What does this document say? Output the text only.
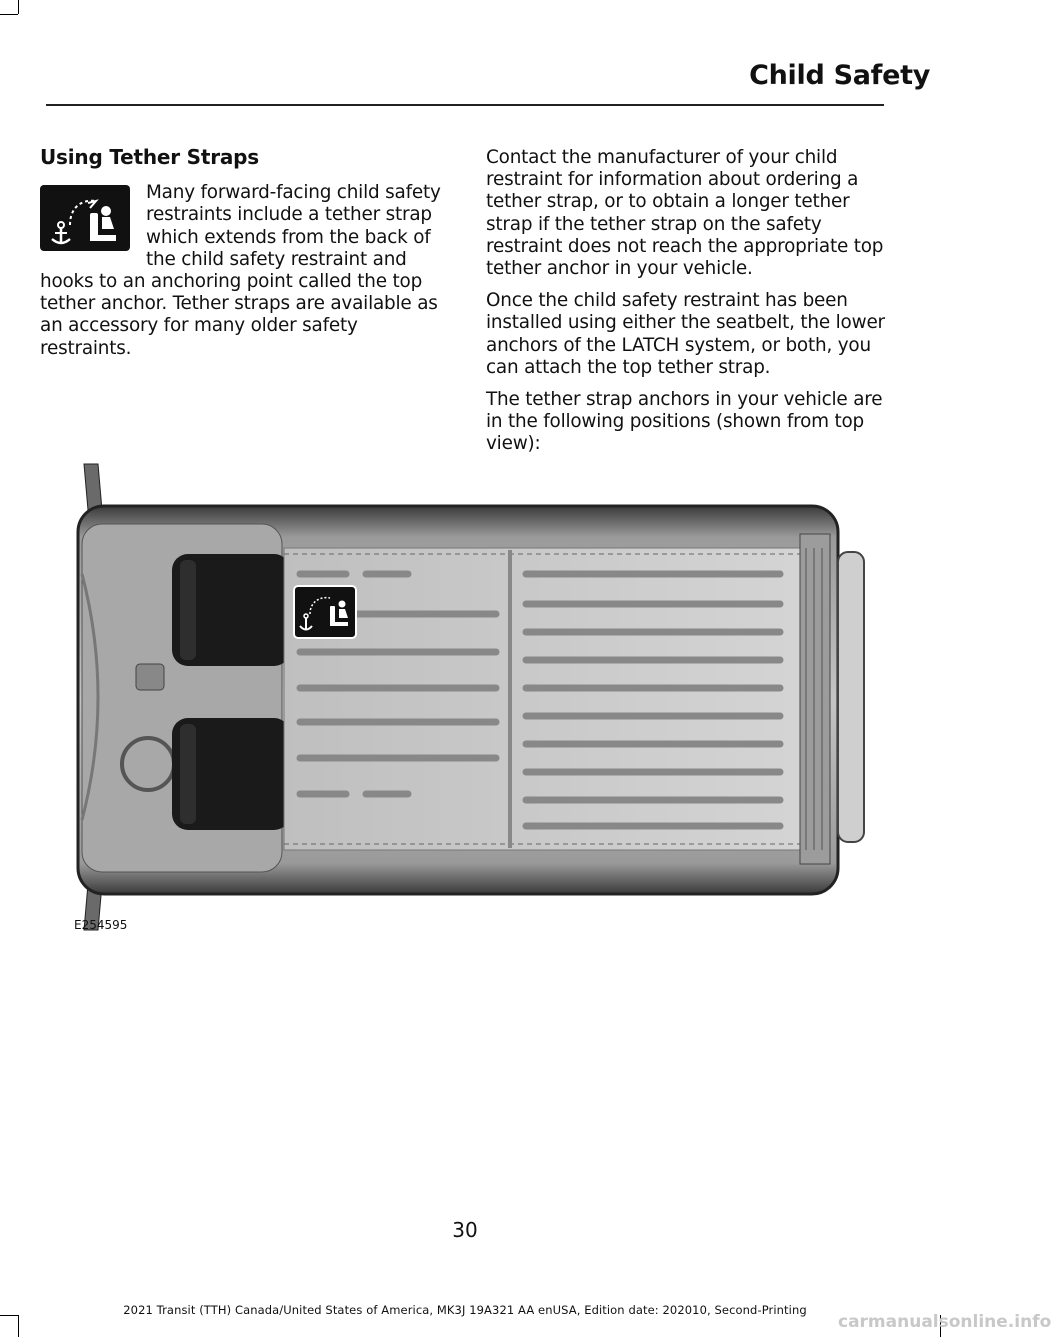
Child Safety
Using Tether Straps
Many forward-facing child safety restraints include a tether strap which extends from the back of the child safety restraint and hooks to an anchoring point called the top tether anchor. Tether straps are available as an accessory for many older safety restraints.
Contact the manufacturer of your child restraint for information about ordering a tether strap, or to obtain a longer tether strap if the tether strap on the safety restraint does not reach the appropriate top tether anchor in your vehicle.
Once the child safety restraint has been installed using either the seatbelt, the lower anchors of the LATCH system, or both, you can attach the top tether strap.
The tether strap anchors in your vehicle are in the following positions (shown from top view):
E254595
30
2021 Transit (TTH) Canada/United States of America, MK3J 19A321 AA enUSA, Edition date: 202010, Second-Printing
carmanualsonline.info
